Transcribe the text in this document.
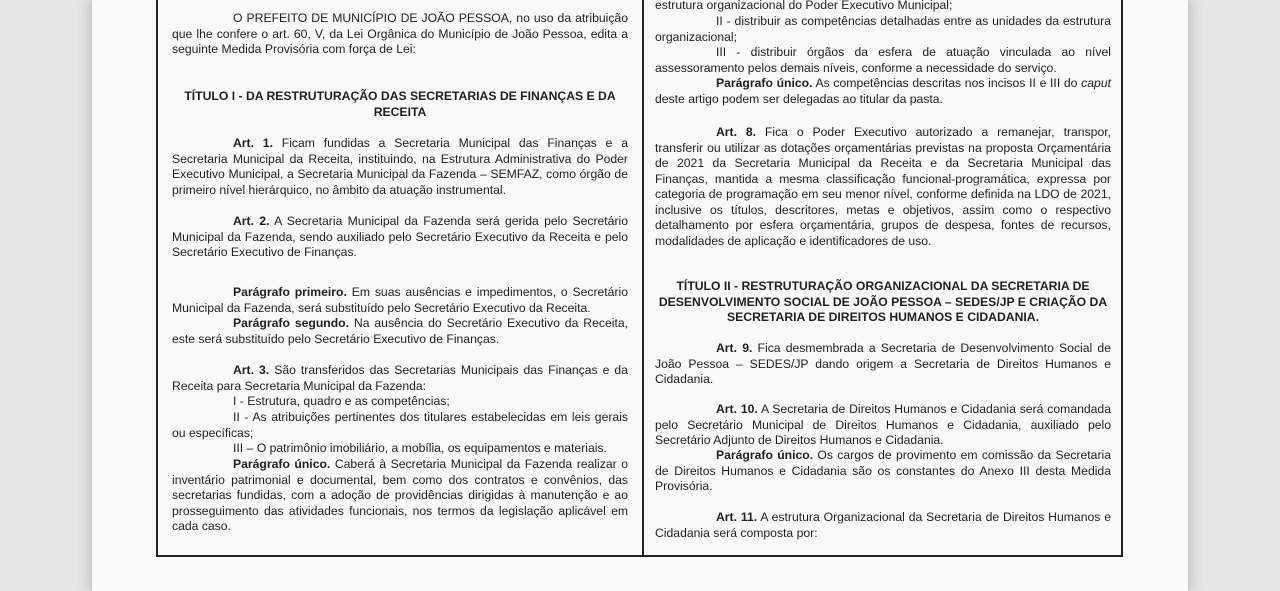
O PREFEITO DE MUNICÍPIO DE JOÃO PESSOA, no uso da atribuição que lhe confere o art. 60, V, da Lei Orgânica do Município de João Pessoa, edita a seguinte Medida Provisória com força de Lei:

TÍTULO I - DA RESTRUTURAÇÃO DAS SECRETARIAS DE FINANÇAS E DA RECEITA

Art. 1. Ficam fundidas a Secretaria Municipal das Finanças e a Secretaria Municipal da Receita, instituindo, na Estrutura Administrativa do Poder Executivo Municipal, a Secretaria Municipal da Fazenda – SEMFAZ, como órgão de primeiro nível hierárquico, no âmbito da atuação instrumental.

Art. 2. A Secretaria Municipal da Fazenda será gerida pelo Secretário Municipal da Fazenda, sendo auxiliado pelo Secretário Executivo da Receita e pelo Secretário Executivo de Finanças.

Parágrafo primeiro. Em suas ausências e impedimentos, o Secretário Municipal da Fazenda, será substituído pelo Secretário Executivo da Receita.

Parágrafo segundo. Na ausência do Secretário Executivo da Receita, este será substituído pelo Secretário Executivo de Finanças.

Art. 3. São transferidos das Secretarias Municipais das Finanças e da Receita para Secretaria Municipal da Fazenda:

I - Estrutura, quadro e as competências;

II - As atribuições pertinentes dos titulares estabelecidas em leis gerais ou específicas;

III – O patrimônio imobiliário, a mobília, os equipamentos e materiais.

Parágrafo único. Caberá à Secretaria Municipal da Fazenda realizar o inventário patrimonial e documental, bem como dos contratos e convênios, das secretarias fundidas, com a adoção de providências dirigidas à manutenção e ao prosseguimento das atividades funcionais, nos termos da legislação aplicável em cada caso.

estrutura organizacional do Poder Executivo Municipal;

II - distribuir as competências detalhadas entre as unidades da estrutura organizacional;

III - distribuir órgãos da esfera de atuação vinculada ao nível assessoramento pelos demais níveis, conforme a necessidade do serviço.

Parágrafo único. As competências descritas nos incisos II e III do caput deste artigo podem ser delegadas ao titular da pasta.

Art. 8. Fica o Poder Executivo autorizado a remanejar, transpor, transferir ou utilizar as dotações orçamentárias previstas na proposta Orçamentária de 2021 da Secretaria Municipal da Receita e da Secretaria Municipal das Finanças, mantida a mesma classificação funcional-programática, expressa por categoria de programação em seu menor nível, conforme definida na LDO de 2021, inclusive os títulos, descritores, metas e objetivos, assim como o respectivo detalhamento por esfera orçamentária, grupos de despesa, fontes de recursos, modalidades de aplicação e identificadores de uso.

TÍTULO II - RESTRUTURAÇÃO ORGANIZACIONAL DA SECRETARIA DE DESENVOLVIMENTO SOCIAL DE JOÃO PESSOA – SEDES/JP E CRIAÇÃO DA SECRETARIA DE DIREITOS HUMANOS E CIDADANIA.

Art. 9. Fica desmembrada a Secretaria de Desenvolvimento Social de João Pessoa – SEDES/JP dando origem a Secretaria de Direitos Humanos e Cidadania.

Art. 10. A Secretaria de Direitos Humanos e Cidadania será comandada pelo Secretário Municipal de Direitos Humanos e Cidadania, auxiliado pelo Secretário Adjunto de Direitos Humanos e Cidadania.

Parágrafo único. Os cargos de provimento em comissão da Secretaria de Direitos Humanos e Cidadania são os constantes do Anexo III desta Medida Provisória.

Art. 11. A estrutura Organizacional da Secretaria de Direitos Humanos e Cidadania será composta por:
